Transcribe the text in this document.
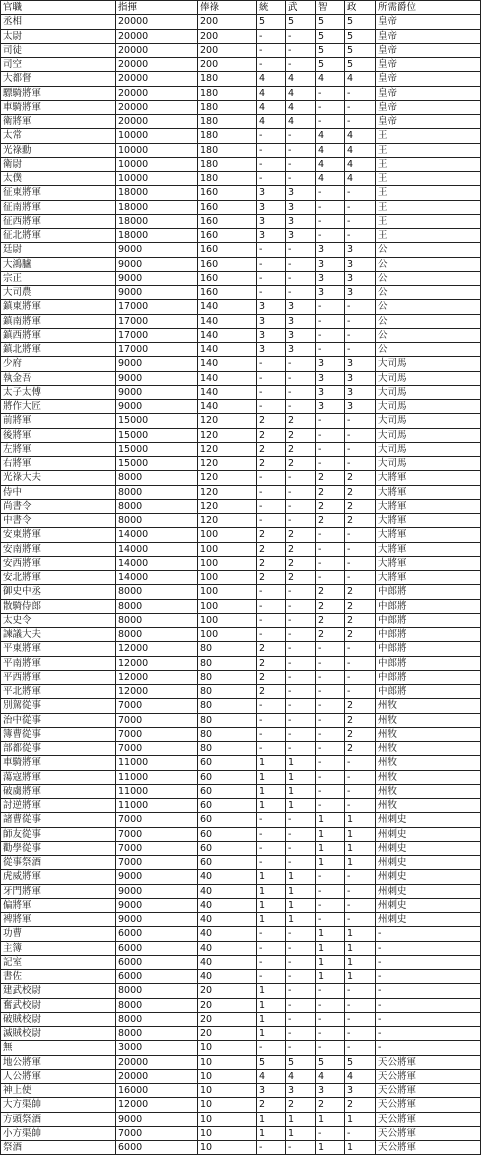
官職	指揮	俸祿	統	武	智	政	所需爵位
丞相	20000	200	5	5	5	5	皇帝
太尉	20000	200	-	-	5	5	皇帝
司徒	20000	200	-	-	5	5	皇帝
司空	20000	200	-	-	5	5	皇帝
大都督	20000	180	4	4	4	4	皇帝
驃騎將軍	20000	180	4	4	-	-	皇帝
車騎將軍	20000	180	4	4	-	-	皇帝
衛將軍	20000	180	4	4	-	-	皇帝
太常	10000	180	-	-	4	4	王
光祿勳	10000	180	-	-	4	4	王
衛尉	10000	180	-	-	4	4	王
太僕	10000	180	-	-	4	4	王
征東將軍	18000	160	3	3	-	-	王
征南將軍	18000	160	3	3	-	-	王
征西將軍	18000	160	3	3	-	-	王
征北將軍	18000	160	3	3	-	-	王
廷尉	9000	160	-	-	3	3	公
大鴻臚	9000	160	-	-	3	3	公
宗正	9000	160	-	-	3	3	公
大司農	9000	160	-	-	3	3	公
鎮東將軍	17000	140	3	3	-	-	公
鎮南將軍	17000	140	3	3	-	-	公
鎮西將軍	17000	140	3	3	-	-	公
鎮北將軍	17000	140	3	3	-	-	公
少府	9000	140	-	-	3	3	大司馬
執金吾	9000	140	-	-	3	3	大司馬
太子太傅	9000	140	-	-	3	3	大司馬
將作大匠	9000	140	-	-	3	3	大司馬
前將軍	15000	120	2	2	-	-	大司馬
後將軍	15000	120	2	2	-	-	大司馬
左將軍	15000	120	2	2	-	-	大司馬
右將軍	15000	120	2	2	-	-	大司馬
光祿大夫	8000	120	-	-	2	2	大將軍
侍中	8000	120	-	-	2	2	大將軍
尚書令	8000	120	-	-	2	2	大將軍
中書令	8000	120	-	-	2	2	大將軍
安東將軍	14000	100	2	2	-	-	大將軍
安南將軍	14000	100	2	2	-	-	大將軍
安西將軍	14000	100	2	2	-	-	大將軍
安北將軍	14000	100	2	2	-	-	大將軍
御史中丞	8000	100	-	-	2	2	中郎將
散騎侍郎	8000	100	-	-	2	2	中郎將
太史令	8000	100	-	-	2	2	中郎將
諫議大夫	8000	100	-	-	2	2	中郎將
平東將軍	12000	80	2	-	-	-	中郎將
平南將軍	12000	80	2	-	-	-	中郎將
平西將軍	12000	80	2	-	-	-	中郎將
平北將軍	12000	80	2	-	-	-	中郎將
別駕從事	7000	80	-	-	-	2	州牧
治中從事	7000	80	-	-	-	2	州牧
簿曹從事	7000	80	-	-	-	2	州牧
部都從事	7000	80	-	-	-	2	州牧
車騎將軍	11000	60	1	1	-	-	州牧
蕩寇將軍	11000	60	1	1	-	-	州牧
破虜將軍	11000	60	1	1	-	-	州牧
討逆將軍	11000	60	1	1	-	-	州牧
諸曹從事	7000	60	-	-	1	1	州刺史
師友從事	7000	60	-	-	1	1	州刺史
勸學從事	7000	60	-	-	1	1	州刺史
從事祭酒	7000	60	-	-	1	1	州刺史
虎威將軍	9000	40	1	1	-	-	州刺史
牙門將軍	9000	40	1	1	-	-	州刺史
偏將軍	9000	40	1	1	-	-	州刺史
裨將軍	9000	40	1	1	-	-	州刺史
功曹	6000	40	-	-	1	1	-
主簿	6000	40	-	-	1	1	-
記室	6000	40	-	-	1	1	-
書佐	6000	40	-	-	1	1	-
建武校尉	8000	20	1	-	-	-	-
奮武校尉	8000	20	1	-	-	-	-
破賊校尉	8000	20	1	-	-	-	-
滅賊校尉	8000	20	1	-	-	-	-
無	3000	10	-	-	-	-	-
地公將軍	20000	10	5	5	5	5	天公將軍
人公將軍	20000	10	4	4	4	4	天公將軍
神上使	16000	10	3	3	3	3	天公將軍
大方渠帥	12000	10	2	2	2	2	天公將軍
方頭祭酒	9000	10	1	1	1	1	天公將軍
小方渠帥	7000	10	1	1	-	-	天公將軍
祭酒	6000	10	-	-	1	1	天公將軍
